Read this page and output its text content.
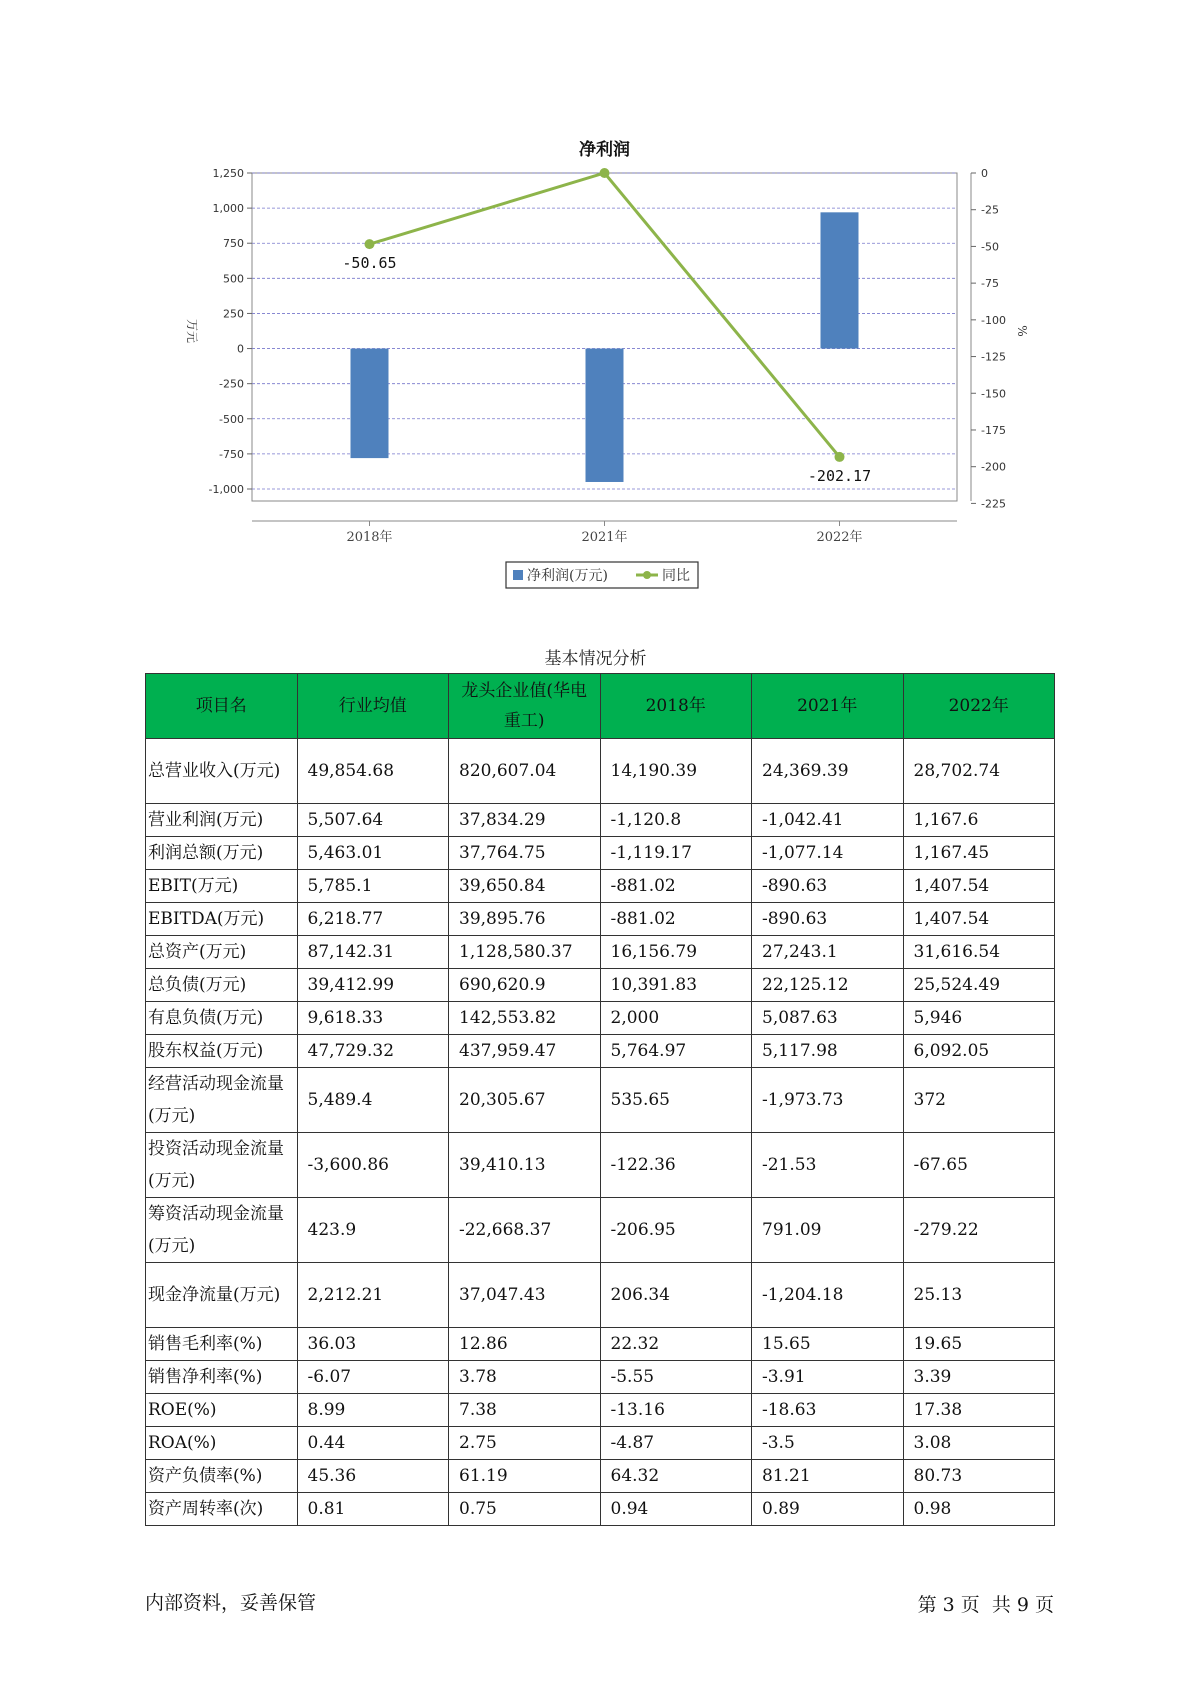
净利润
1,250
1,000
750
500
250
0
-250
-500
-750
-1,000
0
-25
-50
-75
-100
-125
-150
-175
-200
-225
万元	%
2018年	2021年	2022年
-50.65
-202.17
净利润(万元)	同比
基本情况分析
项目名	行业均值	龙头企业值(华电重工)	2018年	2021年	2022年
总营业收入(万元)	49,854.68	820,607.04	14,190.39	24,369.39	28,702.74
营业利润(万元)	5,507.64	37,834.29	-1,120.8	-1,042.41	1,167.6
利润总额(万元)	5,463.01	37,764.75	-1,119.17	-1,077.14	1,167.45
EBIT(万元)	5,785.1	39,650.84	-881.02	-890.63	1,407.54
EBITDA(万元)	6,218.77	39,895.76	-881.02	-890.63	1,407.54
总资产(万元)	87,142.31	1,128,580.37	16,156.79	27,243.1	31,616.54
总负债(万元)	39,412.99	690,620.9	10,391.83	22,125.12	25,524.49
有息负债(万元)	9,618.33	142,553.82	2,000	5,087.63	5,946
股东权益(万元)	47,729.32	437,959.47	5,764.97	5,117.98	6,092.05
经营活动现金流量(万元)	5,489.4	20,305.67	535.65	-1,973.73	372
投资活动现金流量(万元)	-3,600.86	39,410.13	-122.36	-21.53	-67.65
筹资活动现金流量(万元)	423.9	-22,668.37	-206.95	791.09	-279.22
现金净流量(万元)	2,212.21	37,047.43	206.34	-1,204.18	25.13
销售毛利率(%)	36.03	12.86	22.32	15.65	19.65
销售净利率(%)	-6.07	3.78	-5.55	-3.91	3.39
ROE(%)	8.99	7.38	-13.16	-18.63	17.38
ROA(%)	0.44	2.75	-4.87	-3.5	3.08
资产负债率(%)	45.36	61.19	64.32	81.21	80.73
资产周转率(次)	0.81	0.75	0.94	0.89	0.98
内部资料，妥善保管	第 3 页  共 9 页
